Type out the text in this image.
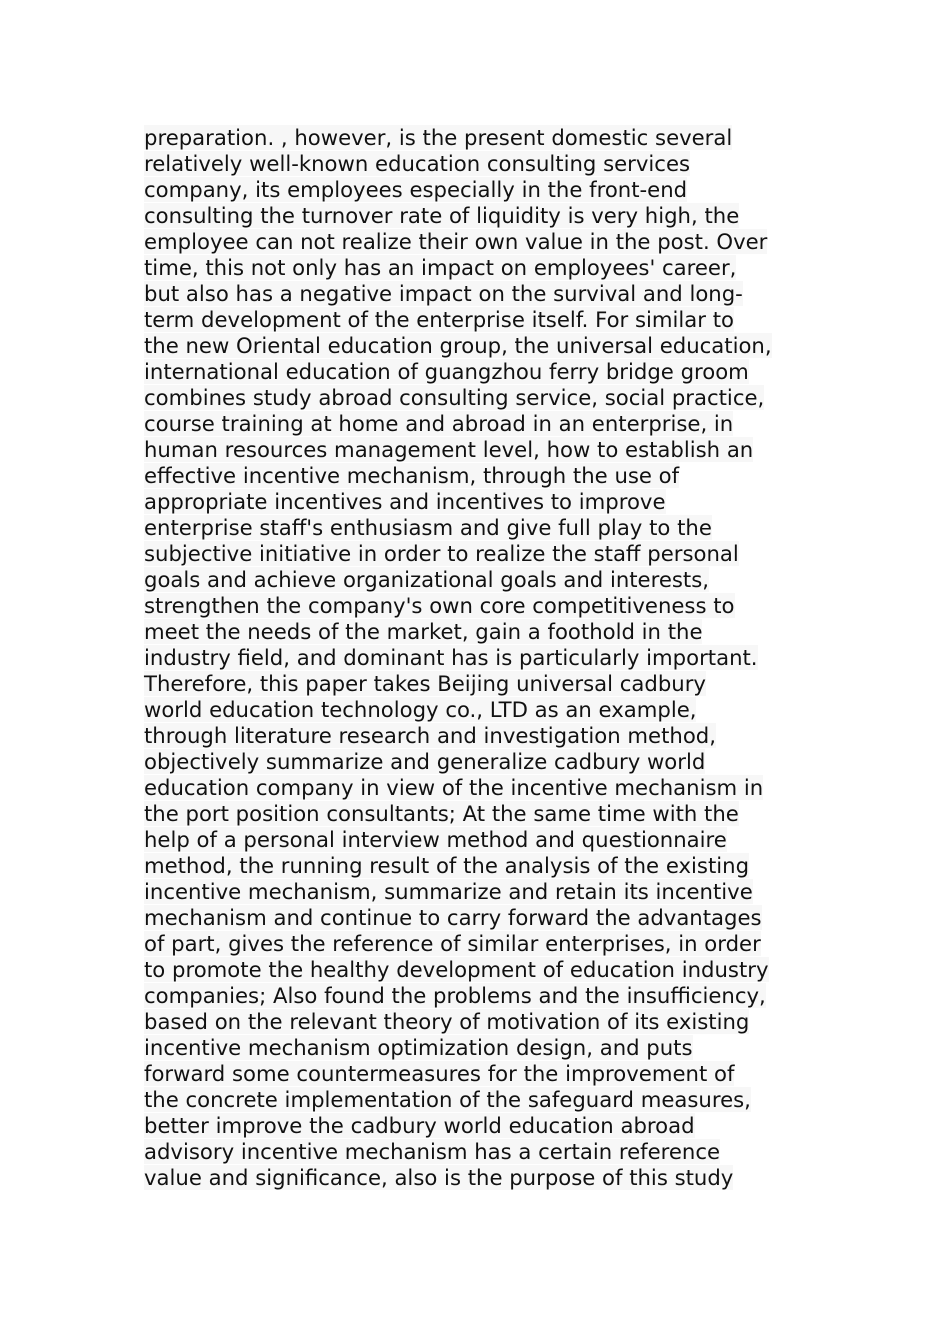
preparation. , however, is the present domestic several
relatively well-known education consulting services
company, its employees especially in the front-end
consulting the turnover rate of liquidity is very high, the
employee can not realize their own value in the post. Over
time, this not only has an impact on employees' career,
but also has a negative impact on the survival and long-
term development of the enterprise itself. For similar to
the new Oriental education group, the universal education,
international education of guangzhou ferry bridge groom
combines study abroad consulting service, social practice,
course training at home and abroad in an enterprise, in
human resources management level, how to establish an
effective incentive mechanism, through the use of
appropriate incentives and incentives to improve
enterprise staff's enthusiasm and give full play to the
subjective initiative in order to realize the staff personal
goals and achieve organizational goals and interests,
strengthen the company's own core competitiveness to
meet the needs of the market, gain a foothold in the
industry field, and dominant has is particularly important.
Therefore, this paper takes Beijing universal cadbury
world education technology co., LTD as an example,
through literature research and investigation method,
objectively summarize and generalize cadbury world
education company in view of the incentive mechanism in
the port position consultants; At the same time with the
help of a personal interview method and questionnaire
method, the running result of the analysis of the existing
incentive mechanism, summarize and retain its incentive
mechanism and continue to carry forward the advantages
of part, gives the reference of similar enterprises, in order
to promote the healthy development of education industry
companies; Also found the problems and the insufficiency,
based on the relevant theory of motivation of its existing
incentive mechanism optimization design, and puts
forward some countermeasures for the improvement of
the concrete implementation of the safeguard measures,
better improve the cadbury world education abroad
advisory incentive mechanism has a certain reference
value and significance, also is the purpose of this study
